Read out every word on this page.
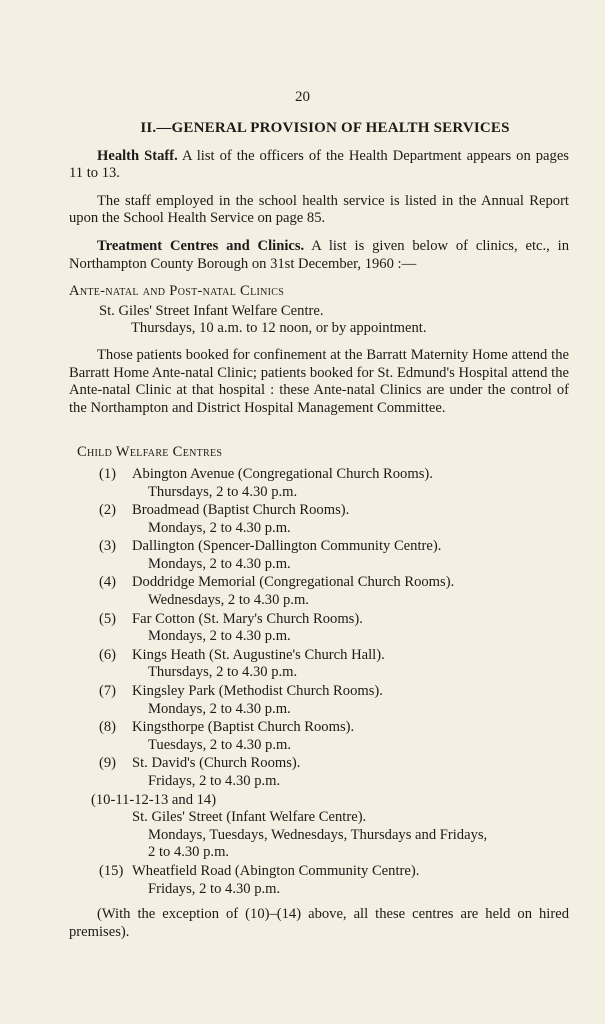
20
II.—GENERAL PROVISION OF HEALTH SERVICES

Health Staff. A list of the officers of the Health Department appears on pages 11 to 13.

The staff employed in the school health service is listed in the Annual Report upon the School Health Service on page 85.

Treatment Centres and Clinics. A list is given below of clinics, etc., in Northampton County Borough on 31st December, 1960 :—

Ante-natal and Post-natal Clinics
St. Giles' Street Infant Welfare Centre.
Thursdays, 10 a.m. to 12 noon, or by appointment.

Those patients booked for confinement at the Barratt Maternity Home attend the Barratt Home Ante-natal Clinic; patients booked for St. Edmund's Hospital attend the Ante-natal Clinic at that hospital : these Ante-natal Clinics are under the control of the Northampton and District Hospital Management Committee.

Child Welfare Centres
(1) Abington Avenue (Congregational Church Rooms).
Thursdays, 2 to 4.30 p.m.
(2) Broadmead (Baptist Church Rooms).
Mondays, 2 to 4.30 p.m.
(3) Dallington (Spencer-Dallington Community Centre).
Mondays, 2 to 4.30 p.m.
(4) Doddridge Memorial (Congregational Church Rooms).
Wednesdays, 2 to 4.30 p.m.
(5) Far Cotton (St. Mary's Church Rooms).
Mondays, 2 to 4.30 p.m.
(6) Kings Heath (St. Augustine's Church Hall).
Thursdays, 2 to 4.30 p.m.
(7) Kingsley Park (Methodist Church Rooms).
Mondays, 2 to 4.30 p.m.
(8) Kingsthorpe (Baptist Church Rooms).
Tuesdays, 2 to 4.30 p.m.
(9) St. David's (Church Rooms).
Fridays, 2 to 4.30 p.m.
(10-11-12-13 and 14)
St. Giles' Street (Infant Welfare Centre).
Mondays, Tuesdays, Wednesdays, Thursdays and Fridays,
2 to 4.30 p.m.
(15) Wheatfield Road (Abington Community Centre).
Fridays, 2 to 4.30 p.m.

(With the exception of (10)–(14) above, all these centres are held on hired premises).
